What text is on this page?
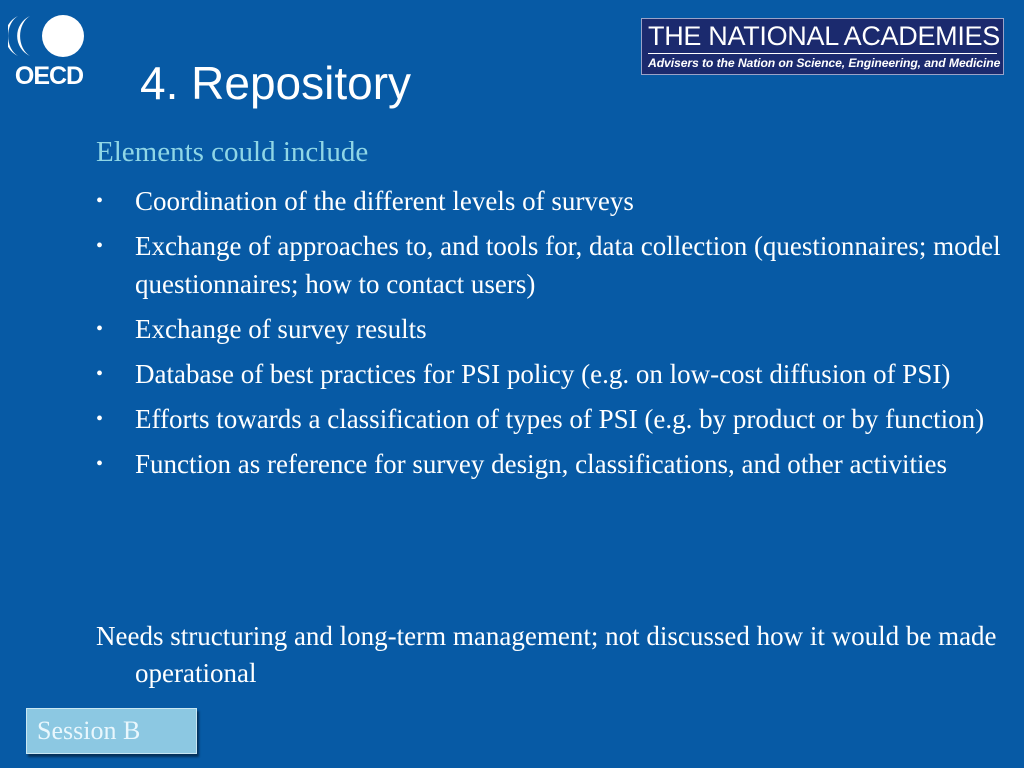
OECD 4. Repository
THE NATIONAL ACADEMIES
Advisers to the Nation on Science, Engineering, and Medicine
Elements could include
•	Coordination of the different levels of surveys
•	Exchange of approaches to, and tools for, data collection (questionnaires; model questionnaires; how to contact users)
•	Exchange of survey results
•	Database of best practices for PSI policy (e.g. on low-cost diffusion of PSI)
•	Efforts towards a classification of types of PSI (e.g. by product or by function)
•	Function as reference for survey design, classifications, and other activities
Needs structuring and long-term management; not discussed how it would be made operational
Session B
